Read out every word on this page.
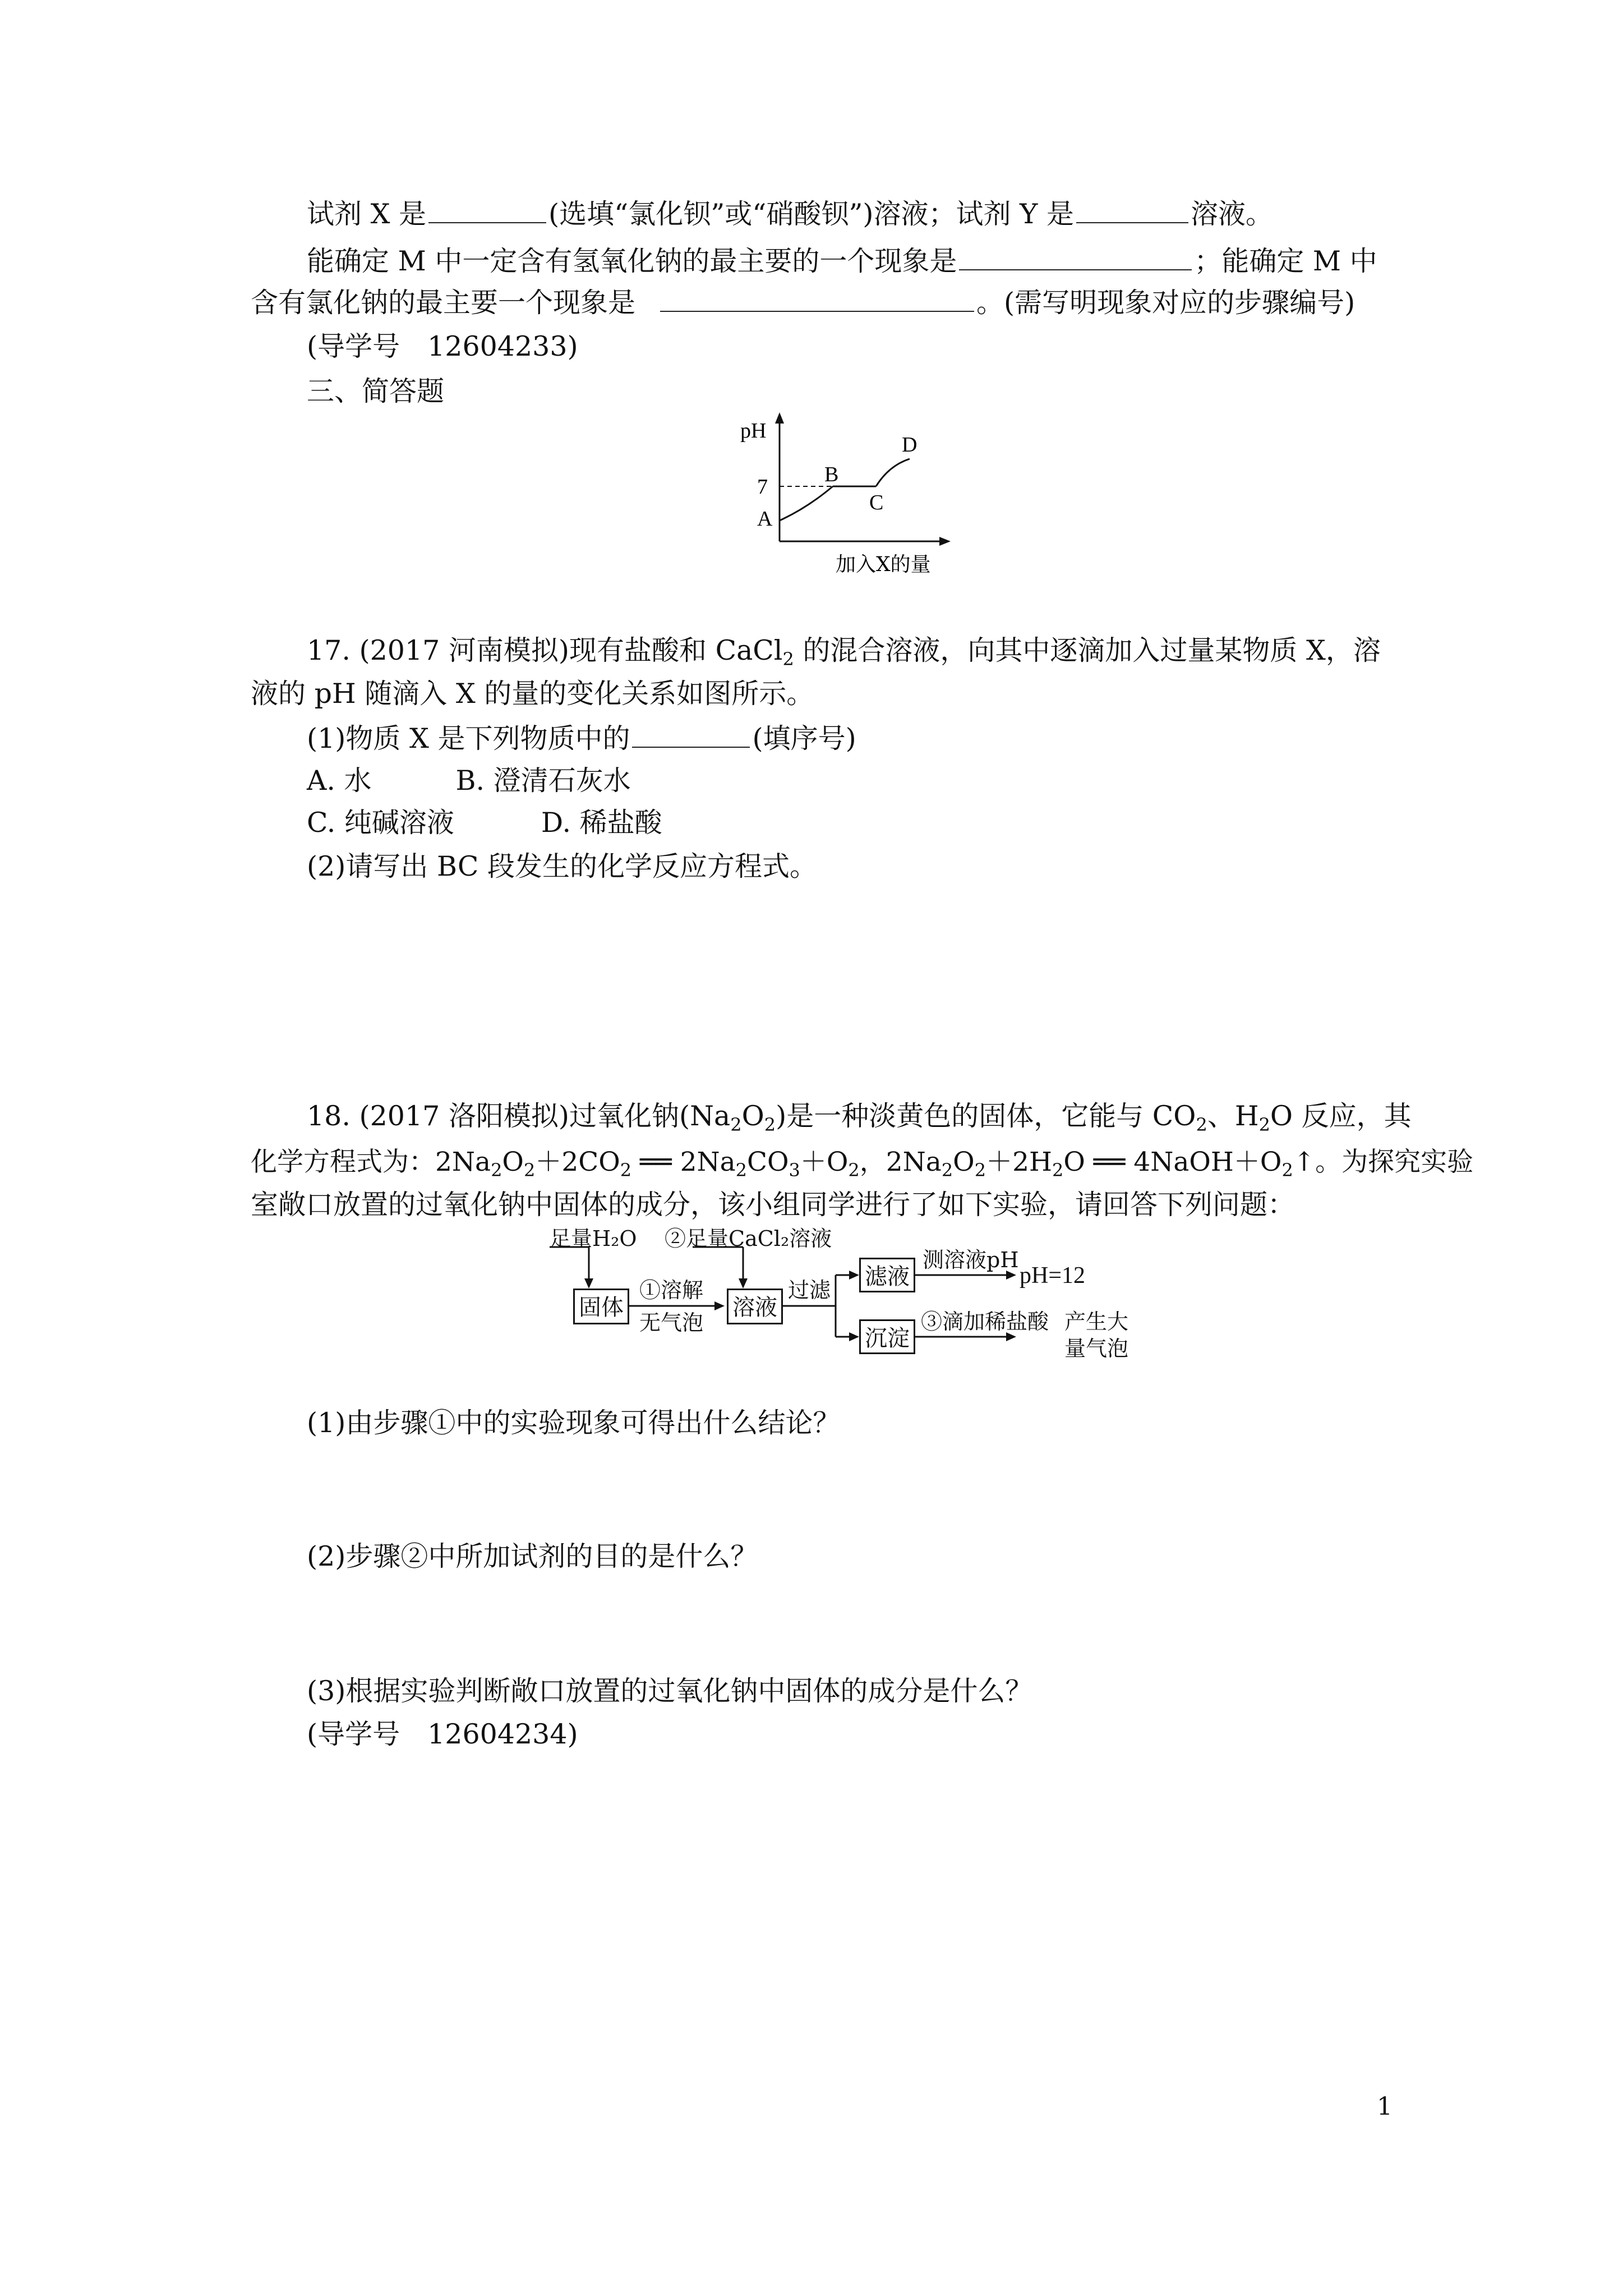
试剂 X 是	(选填“氯化钡”或“硝酸钡”)溶液；试剂 Y 是	溶液。
能确定 M 中一定含有氢氧化钠的最主要的一个现象是	；能确定 M 中
含有氯化钠的最主要一个现象是	。(需写明现象对应的步骤编号)
(导学号　12604233)
三、简答题
pH
7
A
B
C
D
加入X的量
17. (2017 河南模拟)现有盐酸和 CaCl$_2$ 的混合溶液，向其中逐滴加入过量某物质 X，溶
液的 pH 随滴入 X 的量的变化关系如图所示。
(1)物质 X 是下列物质中的	(填序号)
A. 水	B. 澄清石灰水
C. 纯碱溶液	D. 稀盐酸
(2)请写出 BC 段发生的化学反应方程式。
18. (2017 洛阳模拟)过氧化钠$(Na_2O_2)$是一种淡黄色的固体，它能与 $CO_2$、$H_2O$ 反应，其
化学方程式为：$2Na_2O_2+2CO_2$ ══ $2Na_2CO_3+O_2$，$2Na_2O_2+2H_2O$ ══ $4NaOH+O_2↑$。为探究实验
室敞口放置的过氧化钠中固体的成分，该小组同学进行了如下实验，请回答下列问题：
足量H₂O
固体
①溶解
无气泡
②足量CaCl₂溶液
溶液
过滤
滤液
测溶液pH
pH=12
沉淀
③滴加稀盐酸 产生大
量气泡
(1)由步骤①中的实验现象可得出什么结论？
(2)步骤②中所加试剂的目的是什么？
(3)根据实验判断敞口放置的过氧化钠中固体的成分是什么？
(导学号　12604234)
1
